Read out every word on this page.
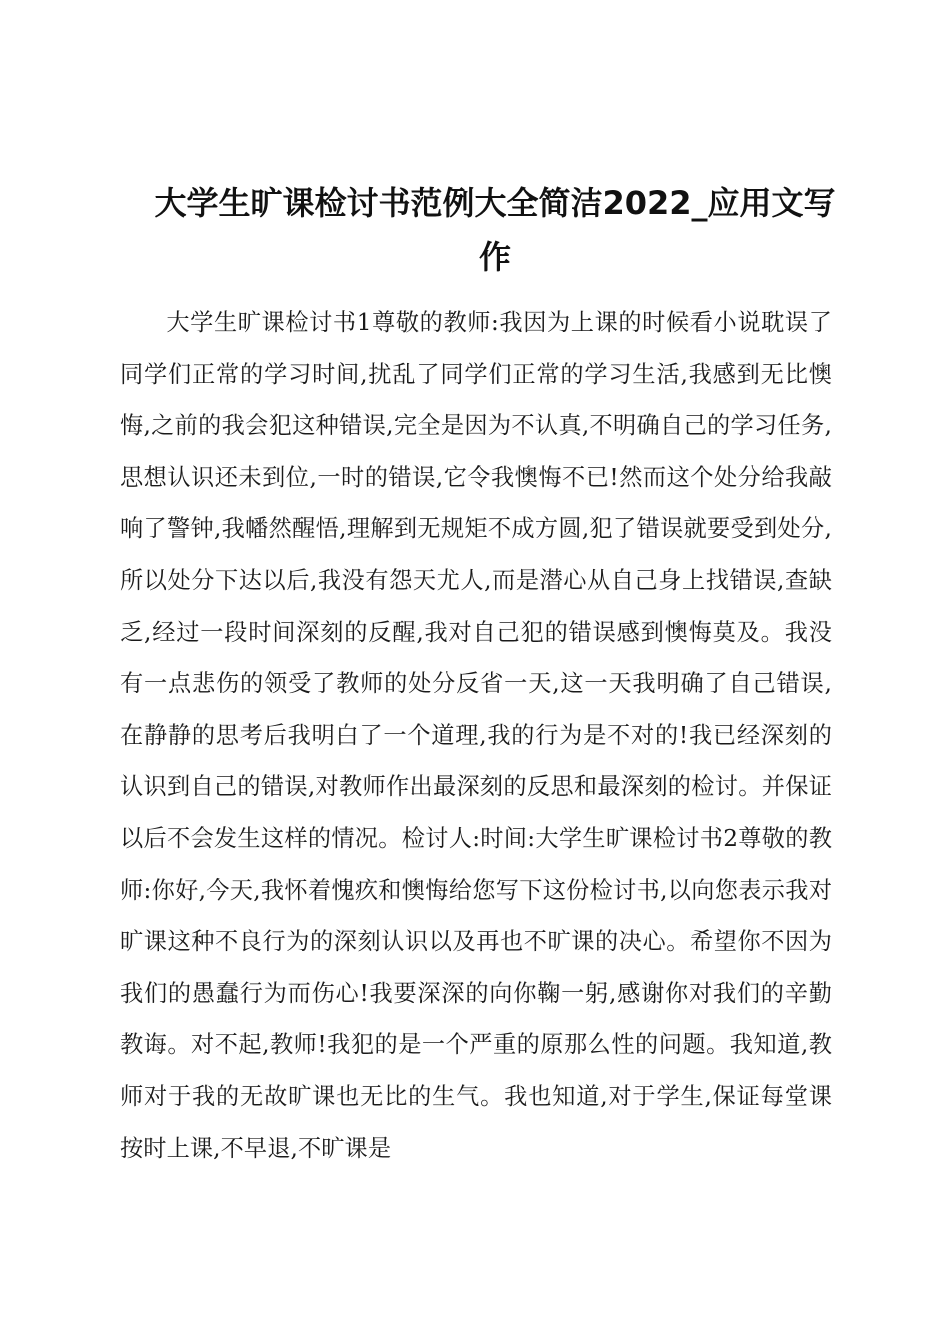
大学生旷课检讨书范例大全简洁2022_应用文写作

大学生旷课检讨书1尊敬的教师:我因为上课的时候看小说耽误了同学们正常的学习时间,扰乱了同学们正常的学习生活,我感到无比懊悔,之前的我会犯这种错误,完全是因为不认真,不明确自己的学习任务,思想认识还未到位,一时的错误,它令我懊悔不已!然而这个处分给我敲响了警钟,我幡然醒悟,理解到无规矩不成方圆,犯了错误就要受到处分,所以处分下达以后,我没有怨天尤人,而是潜心从自己身上找错误,查缺乏,经过一段时间深刻的反醒,我对自己犯的错误感到懊悔莫及。我没有一点悲伤的领受了教师的处分反省一天,这一天我明确了自己错误,在静静的思考后我明白了一个道理,我的行为是不对的!我已经深刻的认识到自己的错误,对教师作出最深刻的反思和最深刻的检讨。并保证以后不会发生这样的情况。检讨人:时间:大学生旷课检讨书2尊敬的教师:你好,今天,我怀着愧疚和懊悔给您写下这份检讨书,以向您表示我对旷课这种不良行为的深刻认识以及再也不旷课的决心。希望你不因为我们的愚蠢行为而伤心!我要深深的向你鞠一躬,感谢你对我们的辛勤教诲。对不起,教师!我犯的是一个严重的原那么性的问题。我知道,教师对于我的无故旷课也无比的生气。我也知道,对于学生,保证每堂课按时上课,不早退,不旷课是
